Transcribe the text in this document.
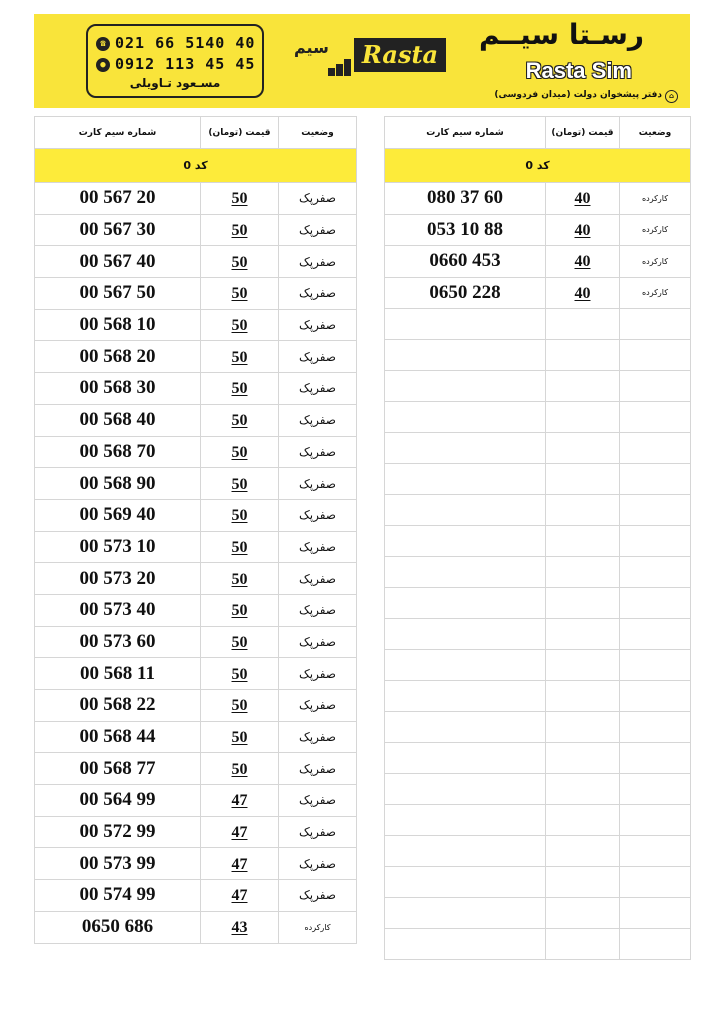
☎ 021 66 5140 40
● 0912 113 45 45
مسـعود تـاویلی
سیم	Rasta
رسـتا سیــم
Rasta Sim
⌂دفتر پیشخوان دولت (میدان فردوسی)
شماره سیم کارت	قیمت (تومان)	وضعیت
کد 0		
00 567 20	50	صفرپک
00 567 30	50	صفرپک
00 567 40	50	صفرپک
00 567 50	50	صفرپک
00 568 10	50	صفرپک
00 568 20	50	صفرپک
00 568 30	50	صفرپک
00 568 40	50	صفرپک
00 568 70	50	صفرپک
00 568 90	50	صفرپک
00 569 40	50	صفرپک
00 573 10	50	صفرپک
00 573 20	50	صفرپک
00 573 40	50	صفرپک
00 573 60	50	صفرپک
00 568 11	50	صفرپک
00 568 22	50	صفرپک
00 568 44	50	صفرپک
00 568 77	50	صفرپک
00 564 99	47	صفرپک
00 572 99	47	صفرپک
00 573 99	47	صفرپک
00 574 99	47	صفرپک
0650 686	43	کارکرده
شماره سیم کارت	قیمت (تومان)	وضعیت
کد 0		
080 37 60	40	کارکرده
053 10 88	40	کارکرده
0660 453	40	کارکرده
0650 228	40	کارکرده
